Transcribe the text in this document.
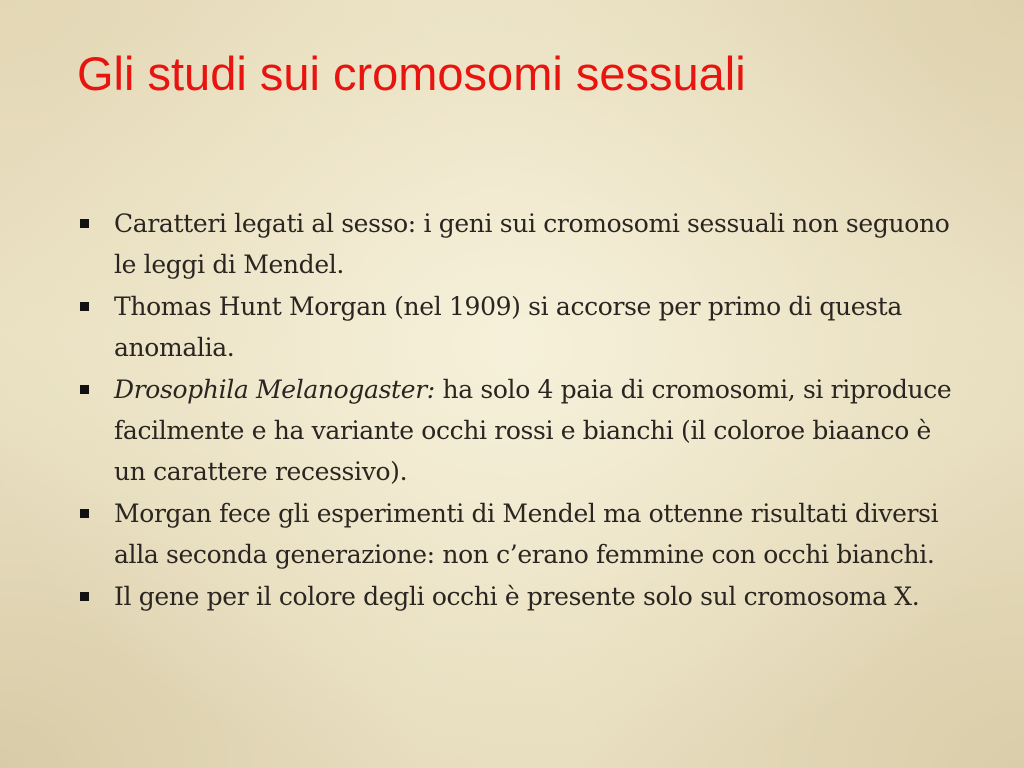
Gli studi sui cromosomi sessuali
Caratteri legati al sesso: i geni sui cromosomi sessuali non seguono le leggi di Mendel.
Thomas Hunt Morgan (nel 1909) si accorse per primo di questa anomalia.
Drosophila Melanogaster: ha solo 4 paia di cromosomi, si riproduce facilmente e ha variante occhi rossi e bianchi (il coloroe biaanco è un carattere recessivo).
Morgan fece gli esperimenti di Mendel ma ottenne risultati diversi alla seconda generazione: non c’erano femmine con occhi bianchi.
Il gene per il colore degli occhi è presente solo sul cromosoma X.
